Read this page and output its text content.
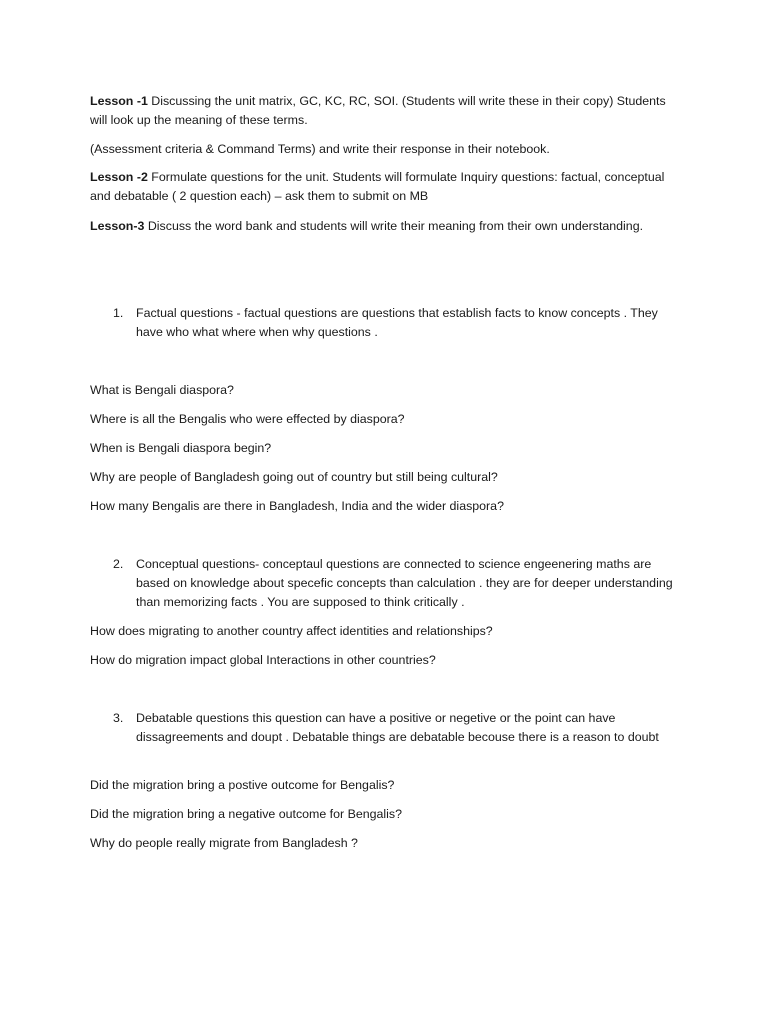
Lesson -1 Discussing the unit matrix, GC, KC, RC, SOI. (Students will write these in their copy) Students will look up the meaning of these terms.

(Assessment criteria & Command Terms) and write their response in their notebook.

Lesson -2 Formulate questions for the unit. Students will formulate Inquiry questions: factual, conceptual and debatable ( 2 question each) – ask them to submit on MB

Lesson-3 Discuss the word bank and students will write their meaning from their own understanding.

1. Factual questions - factual questions are questions that establish facts to know concepts . They have who what where when why questions .

What is Bengali diaspora?

Where is all the Bengalis who were effected by diaspora?

When is Bengali diaspora begin?

Why are people of Bangladesh going out of country but still being cultural?

How many Bengalis are there in Bangladesh, India and the wider diaspora?

2. Conceptual questions- conceptaul questions are connected to science engeenering maths are based on knowledge about specefic concepts than calculation . they are for deeper understanding than memorizing facts . You are supposed to think critically .

How does migrating to another country affect identities and relationships?

How do migration impact global Interactions in other countries?

3. Debatable questions this question can have a positive or negetive or the point can have dissagreements and doupt . Debatable things are debatable becouse there is a reason to doubt

Did the migration bring a postive outcome for Bengalis?

Did the migration bring a negative outcome for Bengalis?

Why do people really migrate from Bangladesh ?
